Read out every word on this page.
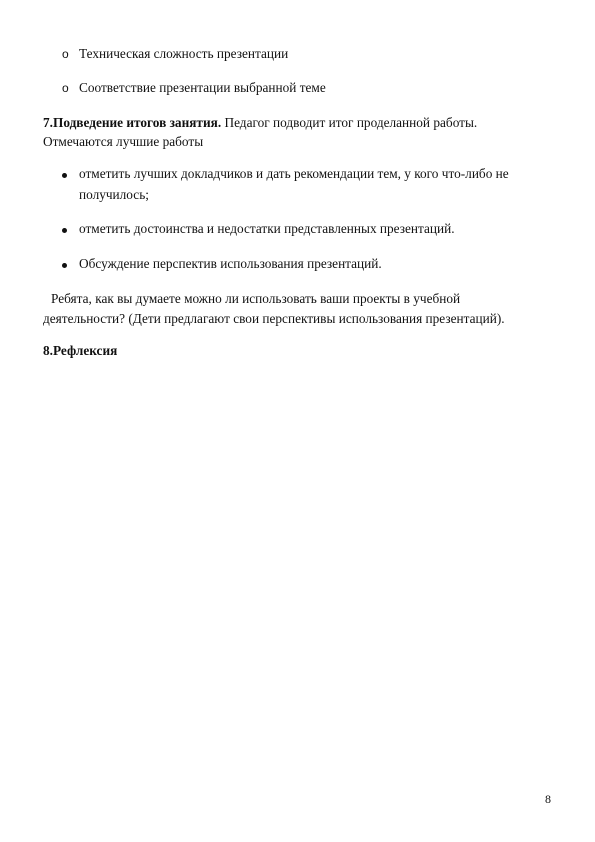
o Техническая сложность презентации
o Соответствие презентации выбранной теме
7.Подведение итогов занятия. Педагог подводит итог проделанной работы.
Отмечаются лучшие работы
отметить лучших докладчиков и дать рекомендации тем, у кого что-либо не
получилось;
отметить достоинства и недостатки представленных презентаций.
Обсуждение перспектив использования презентаций.
Ребята, как вы думаете можно ли использовать ваши проекты в учебной
деятельности? (Дети предлагают свои перспективы использования презентаций).
8.Рефлексия
8
